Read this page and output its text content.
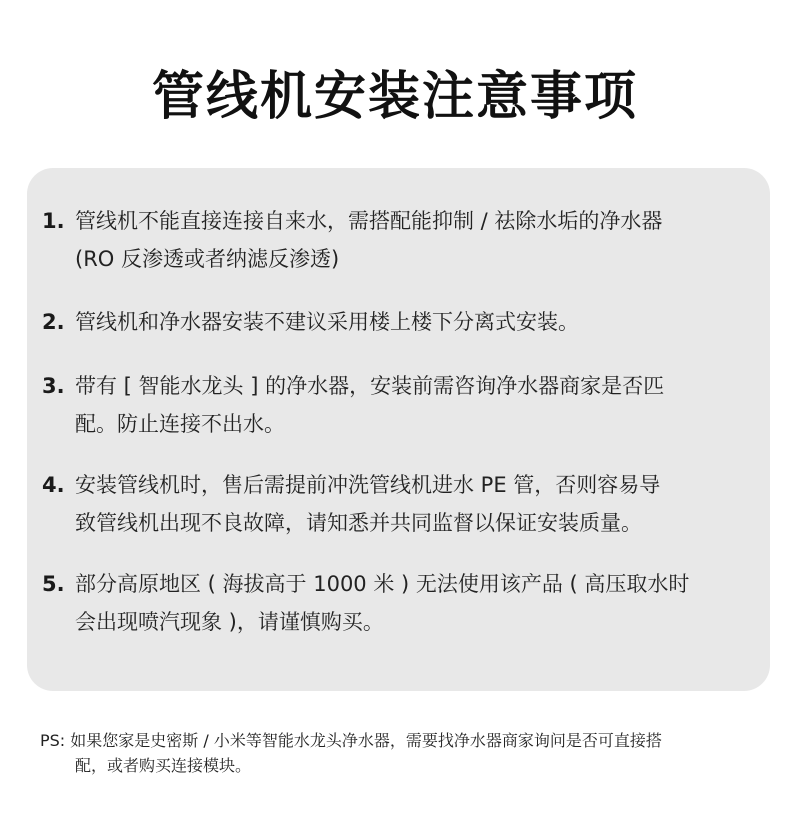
管线机安装注意事项
1. 管线机不能直接连接自来水，需搭配能抑制 / 祛除水垢的净水器
(RO 反渗透或者纳滤反渗透)
2. 管线机和净水器安装不建议采用楼上楼下分离式安装。
3. 带有 [ 智能水龙头 ] 的净水器，安装前需咨询净水器商家是否匹
配。防止连接不出水。
4. 安装管线机时，售后需提前冲洗管线机进水 PE 管，否则容易导
致管线机出现不良故障，请知悉并共同监督以保证安装质量。
5. 部分高原地区 ( 海拔高于 1000 米 ) 无法使用该产品 ( 高压取水时
会出现喷汽现象 )，请谨慎购买。
PS: 如果您家是史密斯 / 小米等智能水龙头净水器，需要找净水器商家询问是否可直接搭
配，或者购买连接模块。
